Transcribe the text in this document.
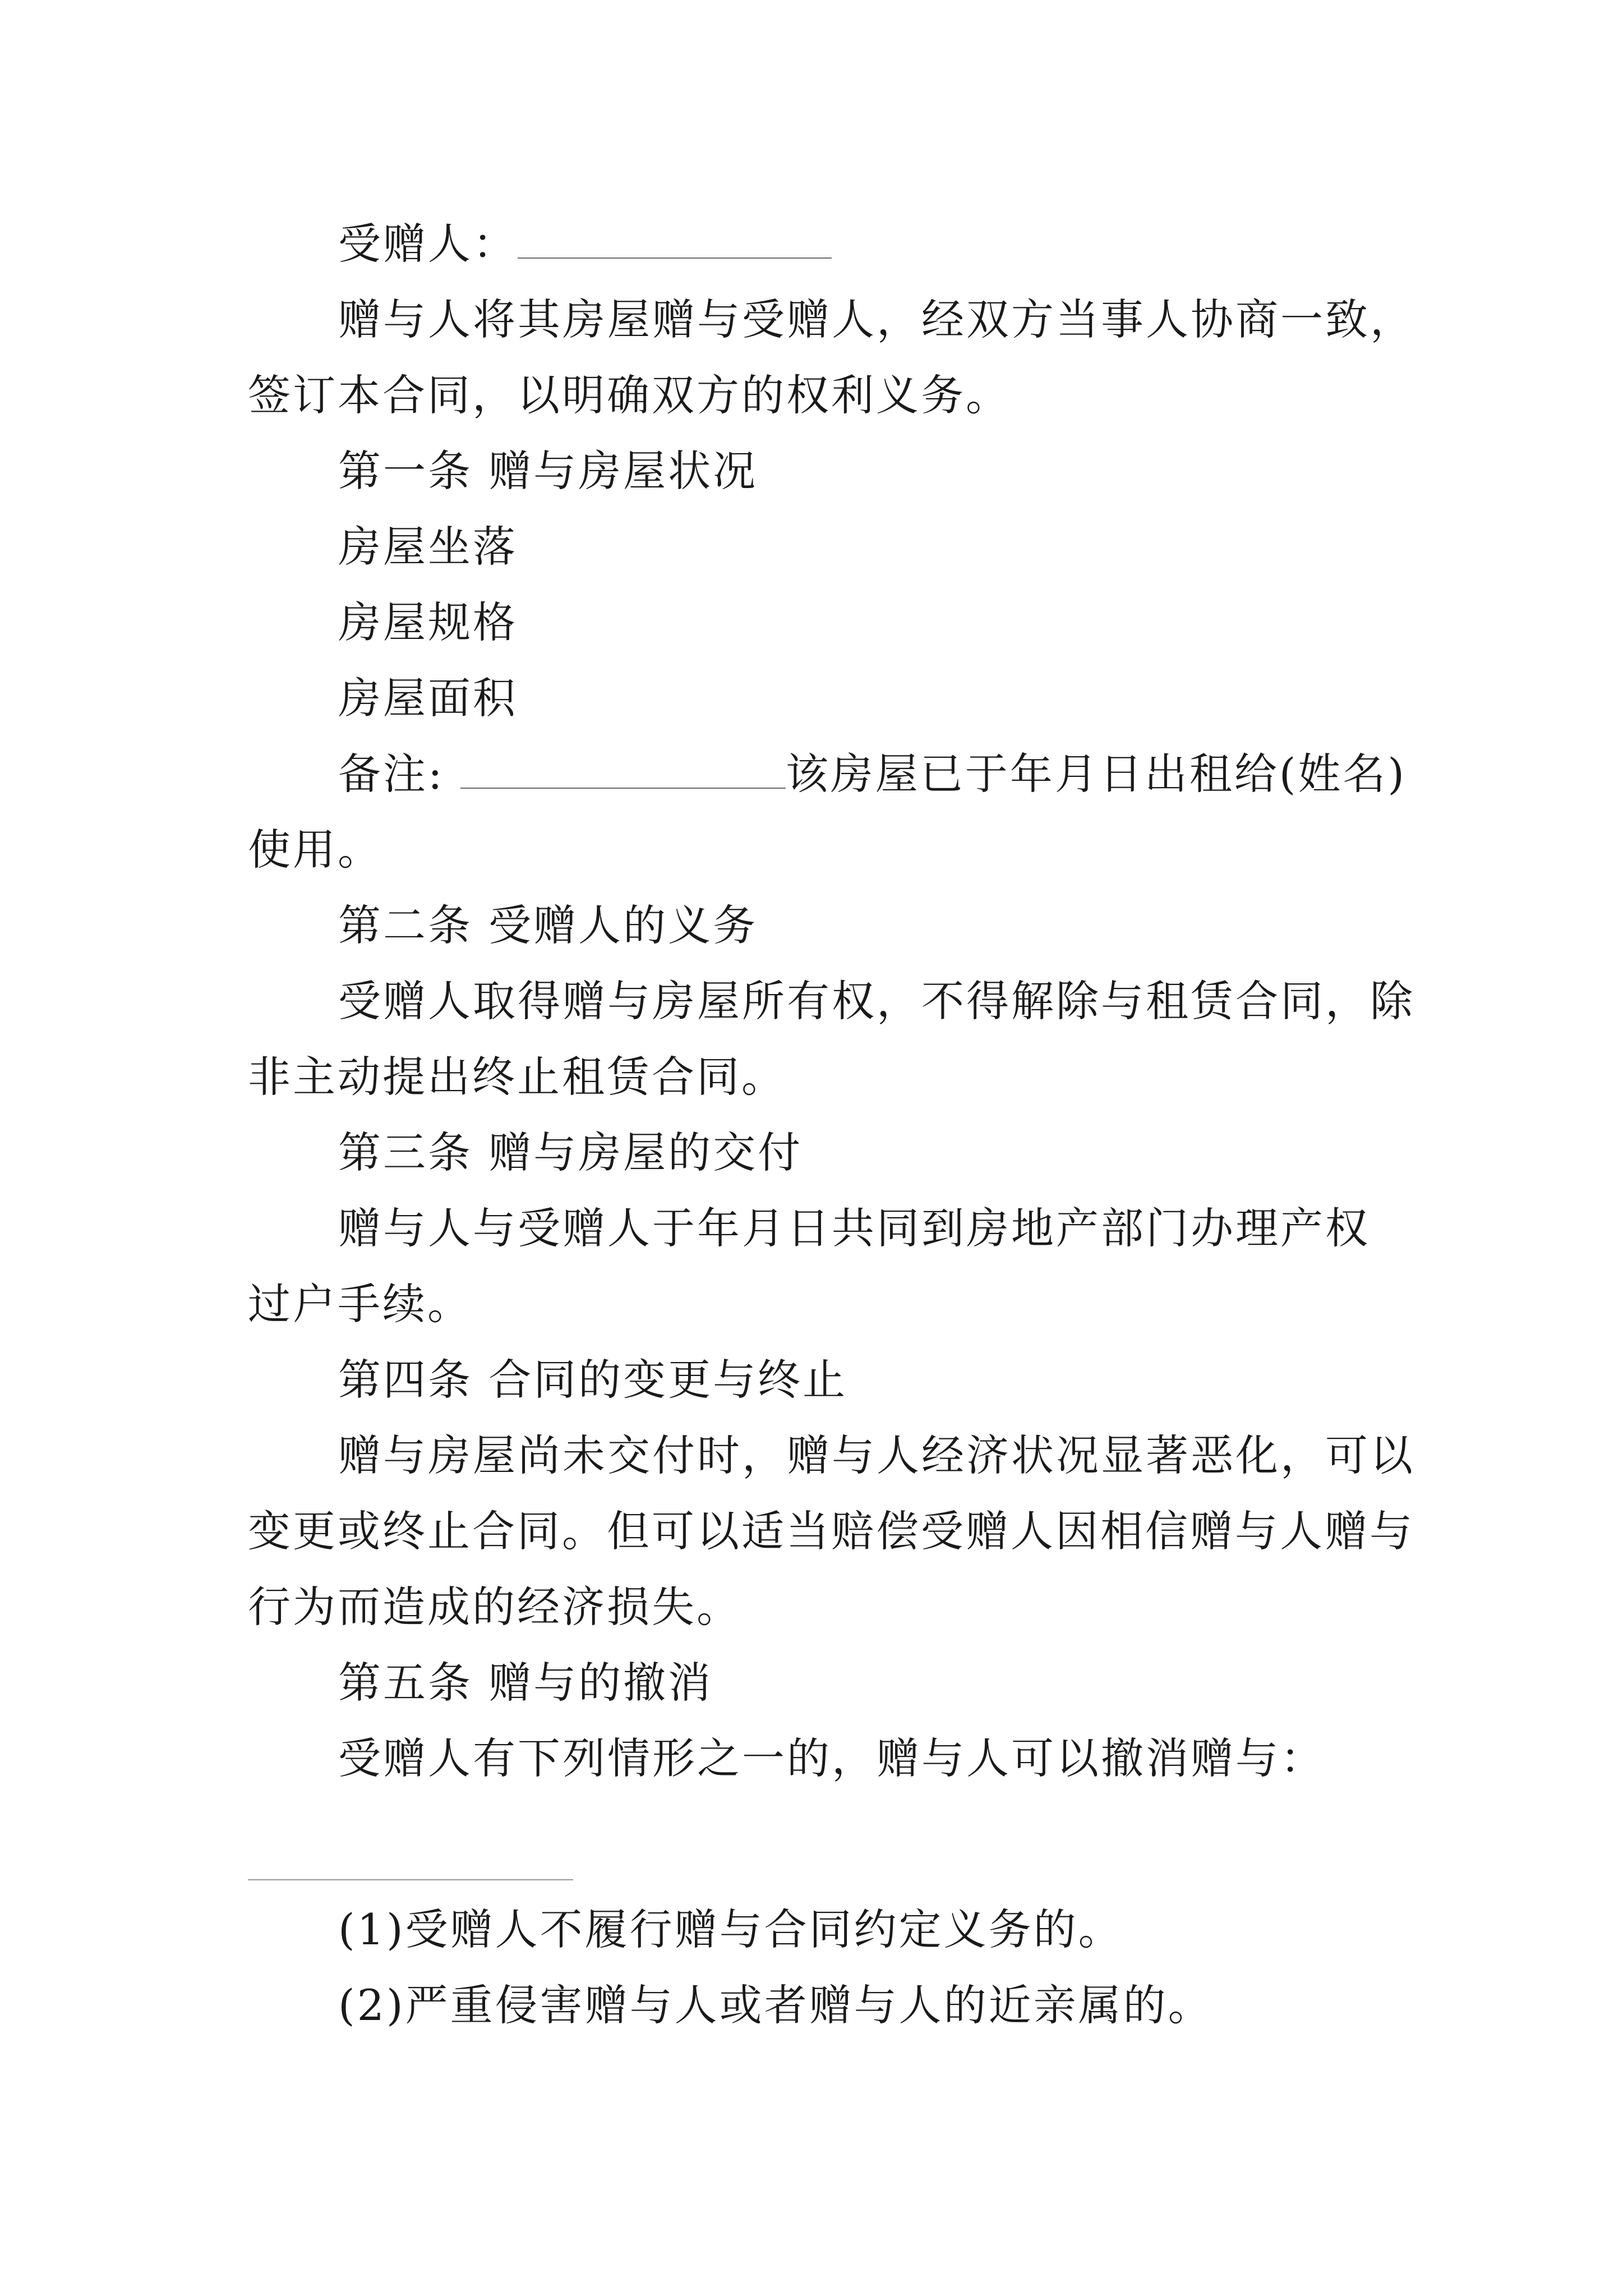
受赠人：
赠与人将其房屋赠与受赠人，经双方当事人协商一致，
签订本合同，以明确双方的权利义务。
第一条 赠与房屋状况
房屋坐落
房屋规格
房屋面积
备注:	该房屋已于年月日出租给(姓名)
使用。
第二条 受赠人的义务
受赠人取得赠与房屋所有权，不得解除与租赁合同，除
非主动提出终止租赁合同。
第三条 赠与房屋的交付
赠与人与受赠人于年月日共同到房地产部门办理产权
过户手续。
第四条 合同的变更与终止
赠与房屋尚未交付时，赠与人经济状况显著恶化，可以
变更或终止合同。但可以适当赔偿受赠人因相信赠与人赠与
行为而造成的经济损失。
第五条 赠与的撤消
受赠人有下列情形之一的，赠与人可以撤消赠与：
(1)受赠人不履行赠与合同约定义务的。
(2)严重侵害赠与人或者赠与人的近亲属的。
